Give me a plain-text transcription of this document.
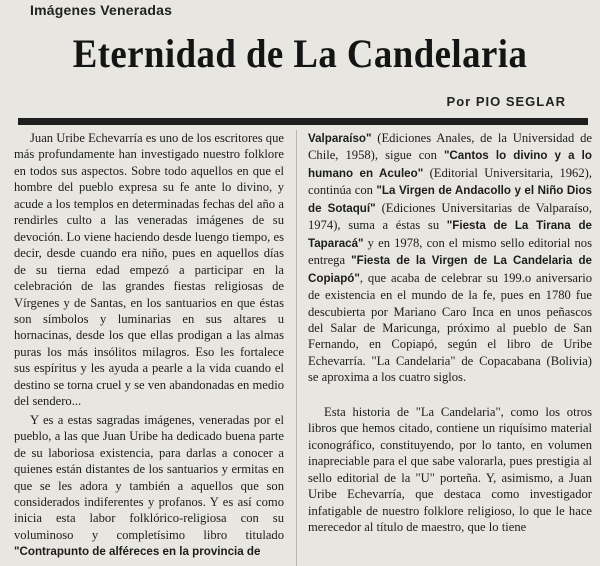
Imágenes Veneradas
Eternidad de La Candelaria
Por PIO SEGLAR

Juan Uribe Echevarría es uno de los escritores que más profundamente han investigado nuestro folklore en todos sus aspectos. Sobre todo aquellos en que el hombre del pueblo expresa su fe ante lo divino, y acude a los templos en determinadas fechas del año a rendirles culto a las veneradas imágenes de su devoción. Lo viene haciendo desde luengo tiempo, es decir, desde cuando era niño, pues en aquellos días de su tierna edad empezó a participar en la celebración de las grandes fiestas religiosas de Vírgenes y de Santas, en los santuarios en que éstas son símbolos y luminarias en sus altares u hornacinas, desde los que ellas prodigan a las almas puras los más insólitos milagros. Eso les fortalece sus espíritus y les ayuda a pearle a la vida cuando el destino se torna cruel y se ven abandonadas en medio del sendero...

Y es a estas sagradas imágenes, veneradas por el pueblo, a las que Juan Uribe ha dedicado buena parte de su laboriosa existencia, para darlas a conocer a quienes están distantes de los santuarios y ermitas en que se les adora y también a aquellos que son considerados indiferentes y profanos. Y es así como inicia esta labor folklórico-religiosa con su voluminoso y completísimo libro titulado "Contrapunto de alféreces en la provincia de

Valparaíso" (Ediciones Anales, de la Universidad de Chile, 1958), sigue con "Cantos lo divino y a lo humano en Aculeo" (Editorial Universitaria, 1962), continúa con "La Virgen de Andacollo y el Niño Dios de Sotaquí" (Ediciones Universitarias de Valparaíso, 1974), suma a éstas su "Fiesta de La Tirana de Taparacá" y en 1978, con el mismo sello editorial nos entrega "Fiesta de la Virgen de La Candelaria de Copiapó", que acaba de celebrar su 199.o aniversario de existencia en el mundo de la fe, pues en 1780 fue descubierta por Mariano Caro Inca en unos peñascos del Salar de Maricunga, próximo al pueblo de San Fernando, en Copiapó, según el libro de Uribe Echevarría. "La Candelaria" de Copacabana (Bolivia) se aproxima a los cuatro siglos.

Esta historia de "La Candelaria", como los otros libros que hemos citado, contiene un riquísimo material iconográfico, constituyendo, por lo tanto, en volumen inapreciable para el que sabe valorarla, pues prestigia al sello editorial de la "U" porteña. Y, asimismo, a Juan Uribe Echevarría, que destaca como investigador infatigable de nuestro folklore religioso, lo que le hace merecedor al título de maestro, que lo tiene
